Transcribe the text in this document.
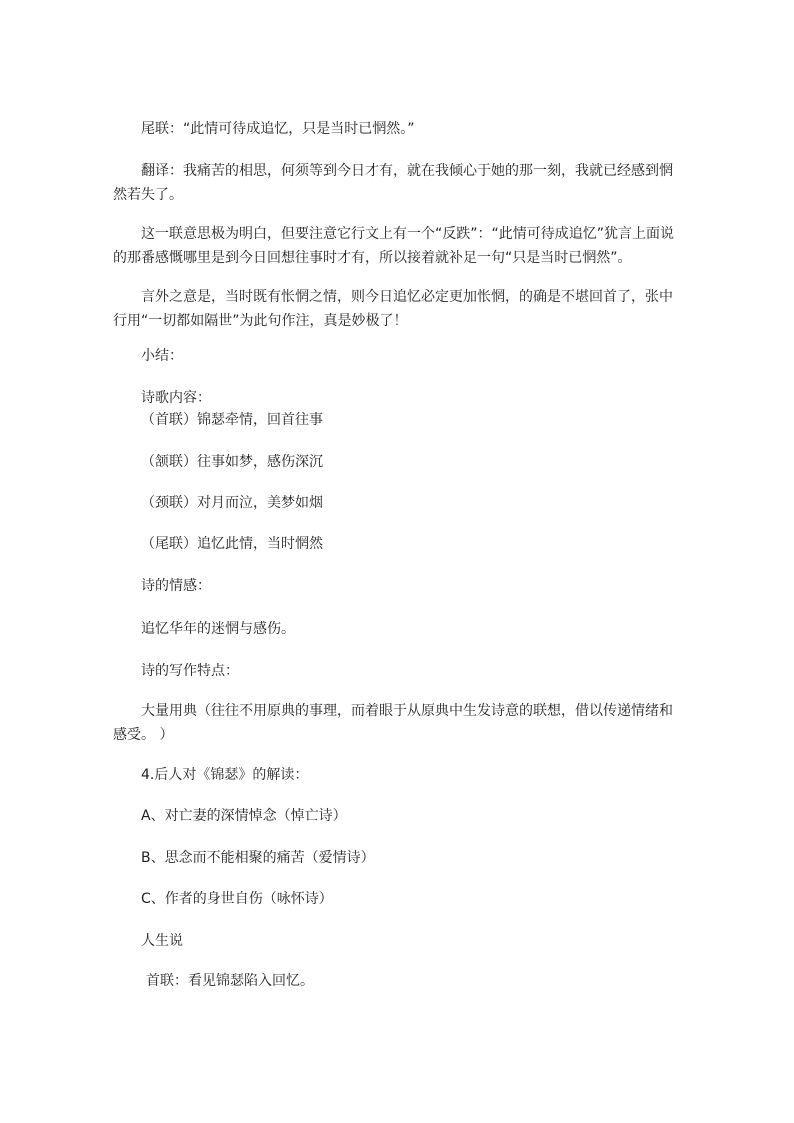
尾联：“此情可待成追忆，只是当时已惘然。”

翻译：我痛苦的相思，何须等到今日才有，就在我倾心于她的那一刻，我就已经感到惘然若失了。

这一联意思极为明白，但要注意它行文上有一个“反跌”：“此情可待成追忆”犹言上面说的那番感慨哪里是到今日回想往事时才有，所以接着就补足一句“只是当时已惘然”。

言外之意是，当时既有怅惘之情，则今日追忆必定更加怅惘，的确是不堪回首了，张中行用“一切都如隔世”为此句作注，真是妙极了！

小结：

诗歌内容：

（首联）锦瑟牵情，回首往事

（颔联）往事如梦，感伤深沉

（颈联）对月而泣，美梦如烟

（尾联）追忆此情，当时惘然

诗的情感：

追忆华年的迷惘与感伤。

诗的写作特点：

大量用典（往往不用原典的事理，而着眼于从原典中生发诗意的联想，借以传递情绪和感受。 ）

4.后人对《锦瑟》的解读：

A、对亡妻的深情悼念（悼亡诗）

B、思念而不能相聚的痛苦（爱情诗）

C、作者的身世自伤（咏怀诗）

人生说

首联：看见锦瑟陷入回忆。
